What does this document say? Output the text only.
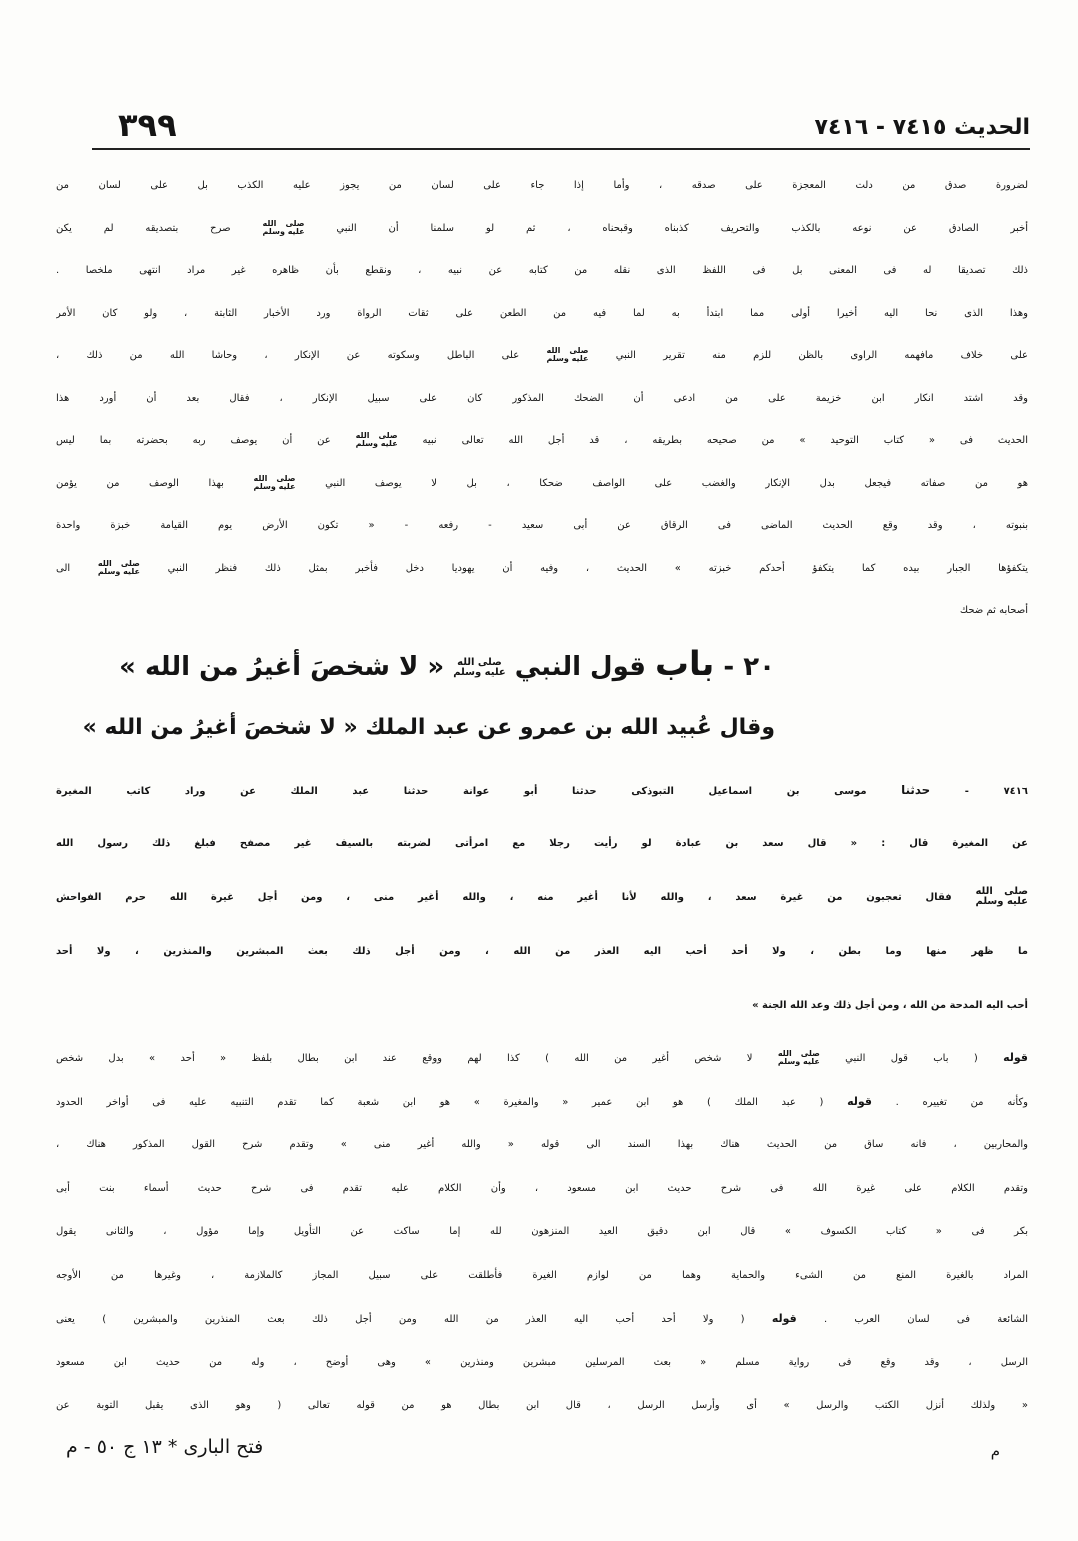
الحديث ٧٤١٥ - ٧٤١٦
٣٩٩
لضرورة صدق من دلت المعجزة على صدقه ، وأما إذا جاء على لسان من يجوز عليه الكذب بل على لسان من
أخبر الصادق عن نوعه بالكذب والتحريف كذبناه وقبحناه ، ثم لو سلمنا أن النبي  صرح بتصديقه لم يكن
ذلك تصديقا له فى المعنى بل فى اللفظ الذى نقله من كتابه عن نبيه ، ونقطع بأن ظاهره غير مراد انتهى ملخصا .
وهذا الذى نحا اليه أخيرا أولى مما ابتدأ به لما فيه من الطعن على ثقات الرواة ورد الأخبار الثابتة ، ولو كان الأمر
على خلاف مافهمه الراوى بالظن للزم منه تقرير النبي  على الباطل وسكوته عن الإنكار ، وحاشا الله من ذلك ،
وقد اشتد انكار ابن خزيمة على من ادعى أن الضحك المذكور كان على سبيل الإنكار ، فقال بعد أن أورد هذا
الحديث فى « كتاب التوحيد » من صحيحه بطريقه ، قد أجل الله تعالى نبيه  عن أن يوصف ربه بحضرته بما ليس
هو من صفاته فيجعل بدل الإنكار والغضب على الواصف ضحكا ، بل لا يوصف النبي  بهذا الوصف من يؤمن
بنبوته ، وقد وقع الحديث الماضى فى الرقاق عن أبى سعيد - رفعه - « تكون الأرض يوم القيامة خبزة واحدة
يتكفؤها الجبار بيده كما يتكفؤ أحدكم خبزته » الحديث ، وفيه أن يهوديا دخل فأخبر بمثل ذلك فنظر النبي  الى
أصحابه ثم ضحك
٢٠ - باب قول النبي  « لا شخصَ أغيرُ من الله »
وقال عُبيد الله بن عمرو عن عبد الملك « لا شخصَ أغيرُ من الله »
٧٤١٦ - حدثنا موسى بن اسماعيل التبوذكى حدثنا أبو عوانة حدثنا عبد الملك عن وراد كاتب المغيرة
عن المغيرة قال : « قال سعد بن عبادة لو رأيت رجلا مع امرأتى لضربته بالسيف غير مصفح فبلغ ذلك رسول الله
فقال تعجبون من غيرة سعد ، والله لأنا أغير منه ، والله أغير منى ، ومن أجل غيرة الله حرم الفواحش
ما ظهر منها وما بطن ، ولا أحد أحب اليه العذر من الله ، ومن أجل ذلك بعث المبشرين والمنذرين ، ولا أحد
أحب اليه المدحة من الله ، ومن أجل ذلك وعد الله الجنة »
قوله ( باب قول النبي  لا شخص أغير من الله ) كذا لهم ووقع عند ابن بطال بلفظ « أحد » بدل شخص
وكأنه من تغييره . قوله ( عبد الملك ) هو ابن عمير « والمغيرة » هو ابن شعبة كما تقدم التنبيه عليه فى أواخر الحدود
والمحاربين ، فانه ساق من الحديث هناك بهذا السند الى قوله « والله أغير منى » وتقدم شرح القول المذكور هناك ،
وتقدم الكلام على غيرة الله فى شرح حديث ابن مسعود ، وأن الكلام عليه تقدم فى شرح حديث أسماء بنت أبى
بكر فى « كتاب الكسوف » قال ابن دقيق العيد المنزهون لله إما ساكت عن التأويل وإما مؤول ، والثانى يقول
المراد بالغيرة المنع من الشىء والحماية وهما من لوازم الغيرة فأطلقت على سبيل المجاز كالملازمة ، وغيرها من الأوجه
الشائعة فى لسان العرب . قوله ( ولا أحد أحب اليه العذر من الله ومن أجل ذلك بعث المنذرين والمبشرين ) يعنى
الرسل ، وقد وقع فى رواية مسلم « بعث المرسلين مبشرين ومنذرين » وهى أوضح ، وله من حديث ابن مسعود
« ولذلك أنزل الكتب والرسل » أى وأرسل الرسل ، قال ابن بطال هو من قوله تعالى ( وهو الذى يقبل التوبة عن
فتح البارى * ١٣ ج ٥٠ - م	م
